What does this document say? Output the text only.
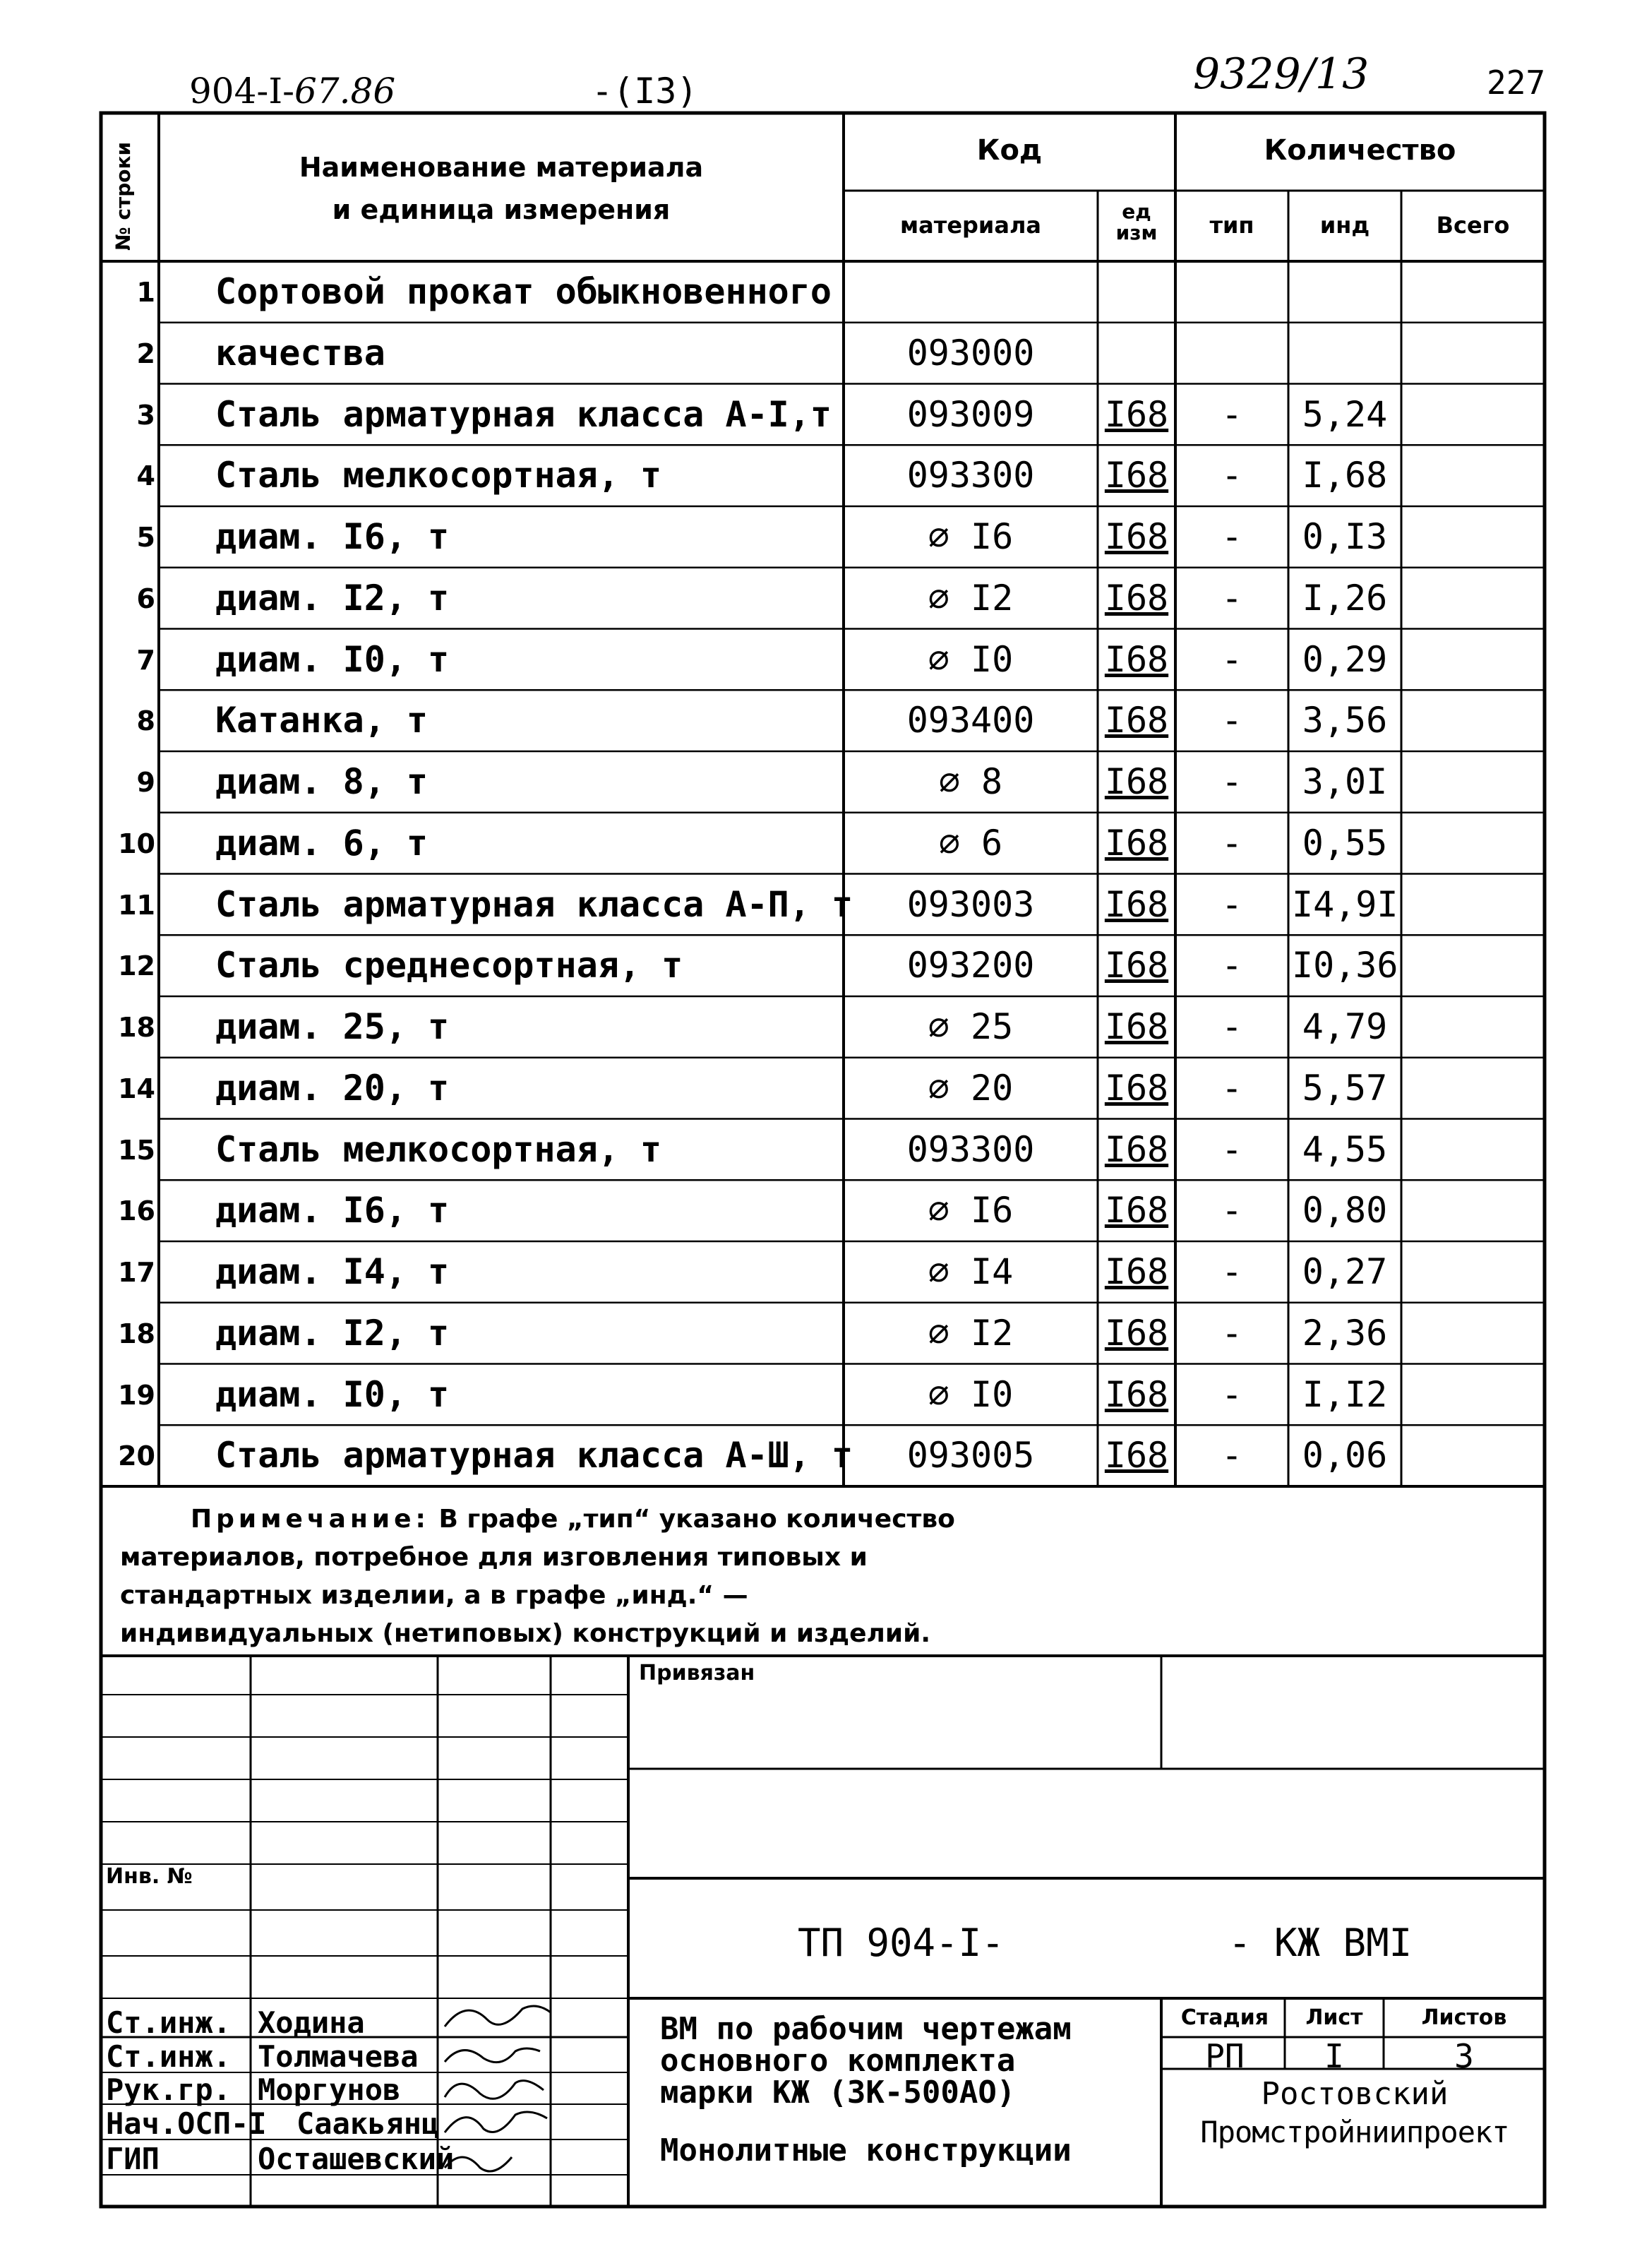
904-I-67.86	-(I3)	9329/13	227
№ строки	Наименование материала
и единица измерения
Код
материала
ед изм
Количество
тип	инд	Всего
1 Сортовой прокат обыкновенного
2 качества	093000
3 Сталь арматурная класса А-I,т	093009	I68	-	5,24
4 Сталь мелкосортная, т	093300	I68	-	I,68
5 диам. I6, т	⌀ I6	I68	-	0,I3
6 диам. I2, т	⌀ I2	I68	-	I,26
7 диам. I0, т	⌀ I0	I68	-	0,29
8 Катанка, т	093400	I68	-	3,56
9 диам. 8, т	⌀ 8	I68	-	3,0I
10 диам. 6, т	⌀ 6	I68	-	0,55
11 Сталь арматурная класса А-П, т	093003	I68	-	I4,9I
12 Сталь среднесортная, т	093200	I68	-	I0,36
18 диам. 25, т	⌀ 25	I68	-	4,79
14 диам. 20, т	⌀ 20	I68	-	5,57
15 Сталь мелкосортная, т	093300	I68	-	4,55
16 диам. I6, т	⌀ I6	I68	-	0,80
17 диам. I4, т	⌀ I4	I68	-	0,27
18 диам. I2, т	⌀ I2	I68	-	2,36
19 диам. I0, т	⌀ I0	I68	-	I,I2
20 Сталь арматурная класса А-Ш, т	093005	I68	-	0,06
Примечание: В графе „тип“ указано количество материалов, потребное для изговления типовых и стандартных изделии, а в графе „инд.“ — индивидуальных (нетиповых) конструкций и изделий.
Привязан
Инв. №
ТП 904-I-	- КЖ ВМI
Ст.инж. Ходина
Ст.инж. Толмачева
Рук.гр. Моргунов
Нач.ОСП-I Саакьянц
ГИП	Осташевский
ВМ по рабочим чертежам
основного комплекта
марки КЖ (ЗК-500АО)
Монолитные конструкции
Стадия	Лист	Листов
РП	I	3
Ростовский
Промстройниипроект
